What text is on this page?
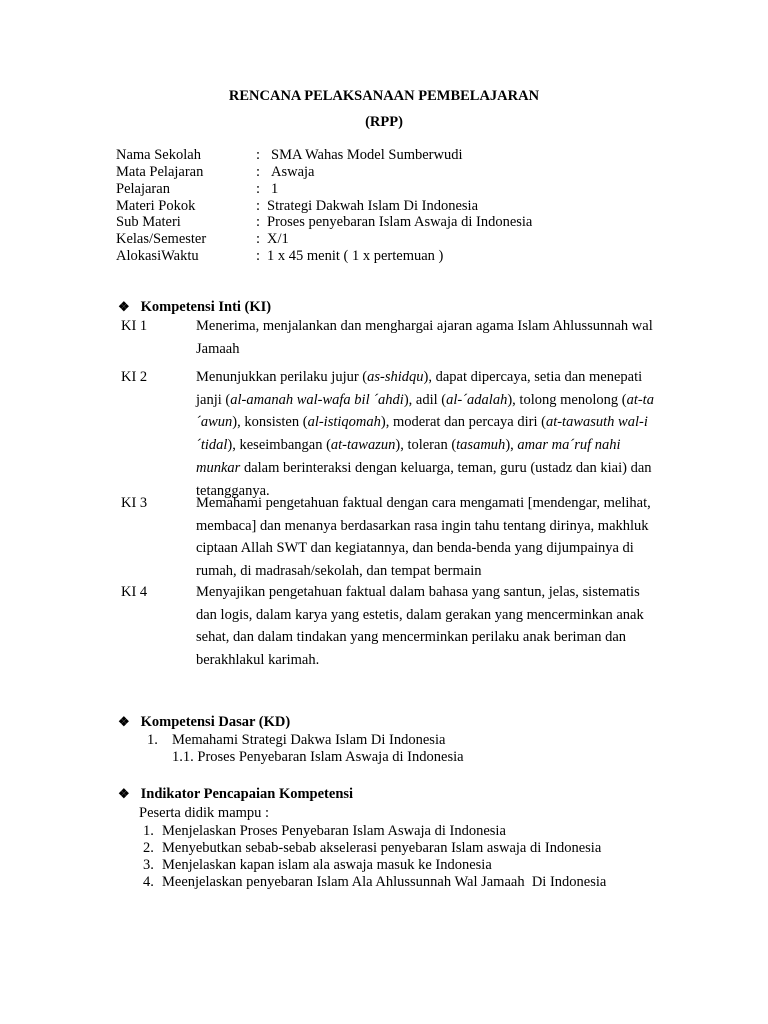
RENCANA PELAKSANAAN PEMBELAJARAN
(RPP)
Nama Sekolah	: SMA Wahas Model Sumberwudi
Mata Pelajaran	: Aswaja
Pelajaran	: 1
Materi Pokok	: Strategi Dakwah Islam Di Indonesia
Sub Materi	: Proses penyebaran Islam Aswaja di Indonesia
Kelas/Semester	: X/1
AlokasiWaktu	: 1 x 45 menit ( 1 x pertemuan )
❖ Kompetensi Inti (KI)
KI 1	Menerima, menjalankan dan menghargai ajaran agama Islam Ahlussunnah wal Jamaah
KI 2	Menunjukkan perilaku jujur (as-shidqu), dapat dipercaya, setia dan menepati janji (al-amanah wal-wafa bil ´ahdi), adil (al-´adalah), tolong menolong (at-ta´awun), konsisten (al-istiqomah), moderat dan percaya diri (at-tawasuth wal-i´tidal), keseimbangan (at-tawazun), toleran (tasamuh), amar ma´ruf nahi munkar dalam berinteraksi dengan keluarga, teman, guru (ustadz dan kiai) dan tetangganya.
KI 3	Memahami pengetahuan faktual dengan cara mengamati [mendengar, melihat, membaca] dan menanya berdasarkan rasa ingin tahu tentang dirinya, makhluk ciptaan Allah SWT dan kegiatannya, dan benda-benda yang dijumpainya di rumah, di madrasah/sekolah, dan tempat bermain
KI 4	Menyajikan pengetahuan faktual dalam bahasa yang santun, jelas, sistematis dan logis, dalam karya yang estetis, dalam gerakan yang mencerminkan anak sehat, dan dalam tindakan yang mencerminkan perilaku anak beriman dan berakhlakul karimah.
❖ Kompetensi Dasar (KD)
1. Memahami Strategi Dakwa Islam Di Indonesia
1.1. Proses Penyebaran Islam Aswaja di Indonesia
❖ Indikator Pencapaian Kompetensi
Peserta didik mampu :
1. Menjelaskan Proses Penyebaran Islam Aswaja di Indonesia
2. Menyebutkan sebab-sebab akselerasi penyebaran Islam aswaja di Indonesia
3. Menjelaskan kapan islam ala aswaja masuk ke Indonesia
4. Meenjelaskan penyebaran Islam Ala Ahlussunnah Wal Jamaah  Di Indonesia
